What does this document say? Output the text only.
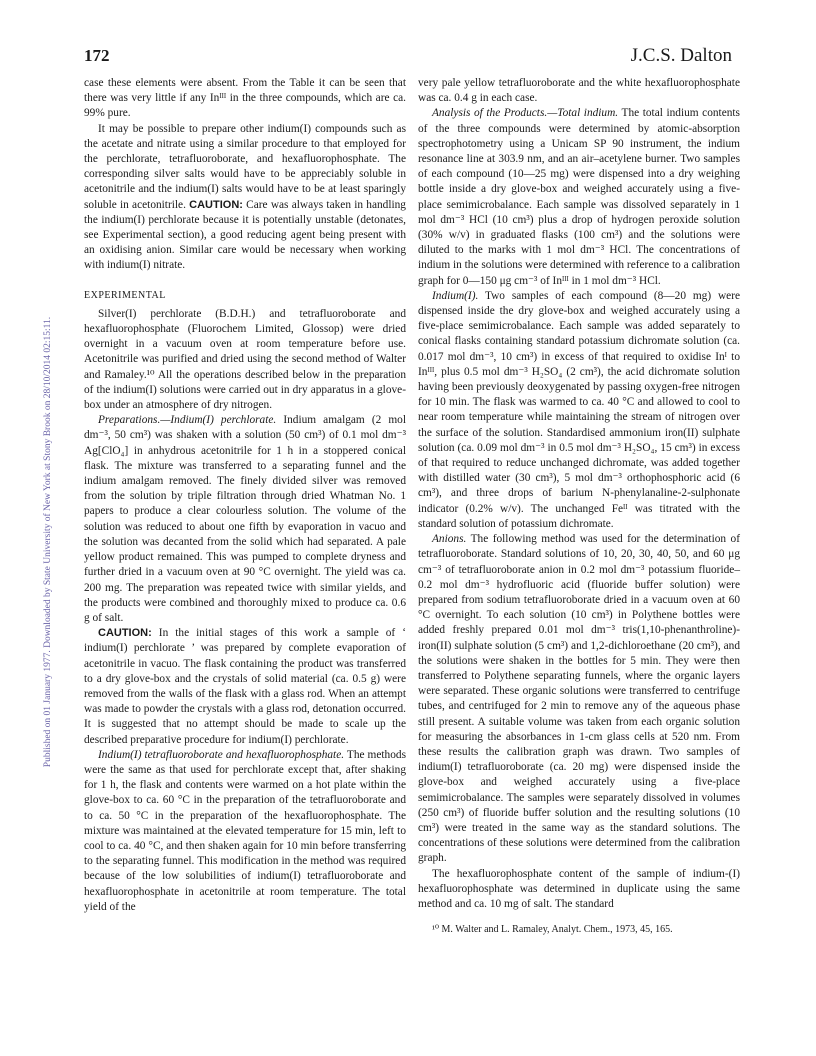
Published on 01 January 1977. Downloaded by State University of New York at Stony Brook on 28/10/2014 02:15:11.
172	J.C.S. Dalton

case these elements were absent. From the Table it can be seen that there was very little if any Inᴵᴵᴵ in the three compounds, which are ca. 99% pure.

It may be possible to prepare other indium(I) compounds such as the acetate and nitrate using a similar procedure to that employed for the perchlorate, tetrafluoroborate, and hexafluorophosphate. The corresponding silver salts would have to be appreciably soluble in acetonitrile and the indium(I) salts would have to be at least sparingly soluble in acetonitrile. CAUTION: Care was always taken in handling the indium(I) perchlorate because it is potentially unstable (detonates, see Experimental section), a good reducing agent being present with an oxidising anion. Similar care would be necessary when working with indium(I) nitrate.

EXPERIMENTAL

Silver(I) perchlorate (B.D.H.) and tetrafluoroborate and hexafluorophosphate (Fluorochem Limited, Glossop) were dried overnight in a vacuum oven at room temperature before use. Acetonitrile was purified and dried using the second method of Walter and Ramaley.¹⁰ All the operations described below in the preparation of the indium(I) solutions were carried out in dry apparatus in a glove-box under an atmosphere of dry nitrogen.

Preparations.—Indium(I) perchlorate. Indium amalgam (2 mol dm⁻³, 50 cm³) was shaken with a solution (50 cm³) of 0.1 mol dm⁻³ Ag[ClO₄] in anhydrous acetonitrile for 1 h in a stoppered conical flask. The mixture was transferred to a separating funnel and the indium amalgam removed. The finely divided silver was removed from the solution by triple filtration through dried Whatman No. 1 papers to produce a clear colourless solution. The volume of the solution was reduced to about one fifth by evaporation in vacuo and the solution was decanted from the solid which had separated. A pale yellow product remained. This was pumped to complete dryness and further dried in a vacuum oven at 90 °C overnight. The yield was ca. 200 mg. The preparation was repeated twice with similar yields, and the products were combined and thoroughly mixed to produce ca. 0.6 g of salt.

CAUTION: In the initial stages of this work a sample of ‘ indium(I) perchlorate ’ was prepared by complete evaporation of acetonitrile in vacuo. The flask containing the product was transferred to a dry glove-box and the crystals of solid material (ca. 0.5 g) were removed from the walls of the flask with a glass rod. When an attempt was made to powder the crystals with a glass rod, detonation occurred. It is suggested that no attempt should be made to scale up the described preparative procedure for indium(I) perchlorate.

Indium(I) tetrafluoroborate and hexafluorophosphate. The methods were the same as that used for perchlorate except that, after shaking for 1 h, the flask and contents were warmed on a hot plate within the glove-box to ca. 60 °C in the preparation of the tetrafluoroborate and to ca. 50 °C in the preparation of the hexafluorophosphate. The mixture was maintained at the elevated temperature for 15 min, left to cool to ca. 40 °C, and then shaken again for 10 min before transferring to the separating funnel. This modification in the method was required because of the low solubilities of indium(I) tetrafluoroborate and hexafluorophosphate in acetonitrile at room temperature. The total yield of the

very pale yellow tetrafluoroborate and the white hexafluorophosphate was ca. 0.4 g in each case.

Analysis of the Products.—Total indium. The total indium contents of the three compounds were determined by atomic-absorption spectrophotometry using a Unicam SP 90 instrument, the indium resonance line at 303.9 nm, and an air–acetylene burner. Two samples of each compound (10—25 mg) were dispensed into a dry weighing bottle inside a dry glove-box and weighed accurately using a five-place semimicrobalance. Each sample was dissolved separately in 1 mol dm⁻³ HCl (10 cm³) plus a drop of hydrogen peroxide solution (30% w/v) in graduated flasks (100 cm³) and the solutions were diluted to the marks with 1 mol dm⁻³ HCl. The concentrations of indium in the solutions were determined with reference to a calibration graph for 0—150 μg cm⁻³ of Inᴵᴵᴵ in 1 mol dm⁻³ HCl.

Indium(I). Two samples of each compound (8—20 mg) were dispensed inside the dry glove-box and weighed accurately using a five-place semimicrobalance. Each sample was added separately to conical flasks containing standard potassium dichromate solution (ca. 0.017 mol dm⁻³, 10 cm³) in excess of that required to oxidise Inᴵ to Inᴵᴵᴵ, plus 0.5 mol dm⁻³ H₂SO₄ (2 cm³), the acid dichromate solution having been previously deoxygenated by passing oxygen-free nitrogen for 10 min. The flask was warmed to ca. 40 °C and allowed to cool to near room temperature while maintaining the stream of nitrogen over the surface of the solution. Standardised ammonium iron(II) sulphate solution (ca. 0.09 mol dm⁻³ in 0.5 mol dm⁻³ H₂SO₄, 15 cm³) in excess of that required to reduce unchanged dichromate, was added together with distilled water (30 cm³), 5 mol dm⁻³ orthophosphoric acid (6 cm³), and three drops of barium N-phenylanaline-2-sulphonate indicator (0.2% w/v). The unchanged Feᴵᴵ was titrated with the standard solution of potassium dichromate.

Anions. The following method was used for the determination of tetrafluoroborate. Standard solutions of 10, 20, 30, 40, 50, and 60 μg cm⁻³ of tetrafluoroborate anion in 0.2 mol dm⁻³ potassium fluoride–0.2 mol dm⁻³ hydrofluoric acid (fluoride buffer solution) were prepared from sodium tetrafluoroborate dried in a vacuum oven at 60 °C overnight. To each solution (10 cm³) in Polythene bottles were added freshly prepared 0.01 mol dm⁻³ tris(1,10-phenanthroline)-iron(II) sulphate solution (5 cm³) and 1,2-dichloroethane (20 cm³), and the solutions were shaken in the bottles for 5 min. They were then transferred to Polythene separating funnels, where the organic layers were separated. These organic solutions were transferred to centrifuge tubes, and centrifuged for 2 min to remove any of the aqueous phase still present. A suitable volume was taken from each organic solution for measuring the absorbances in 1-cm glass cells at 520 nm. From these results the calibration graph was drawn. Two samples of indium(I) tetrafluoroborate (ca. 20 mg) were dispensed inside the glove-box and weighed accurately using a five-place semimicrobalance. The samples were separately dissolved in volumes (250 cm³) of fluoride buffer solution and the resulting solutions (10 cm³) were treated in the same way as the standard solutions. The concentrations of these solutions were determined from the calibration graph.

The hexafluorophosphate content of the sample of indium-(I) hexafluorophosphate was determined in duplicate using the same method and ca. 10 mg of salt. The standard

¹⁰ M. Walter and L. Ramaley, Analyt. Chem., 1973, 45, 165.
